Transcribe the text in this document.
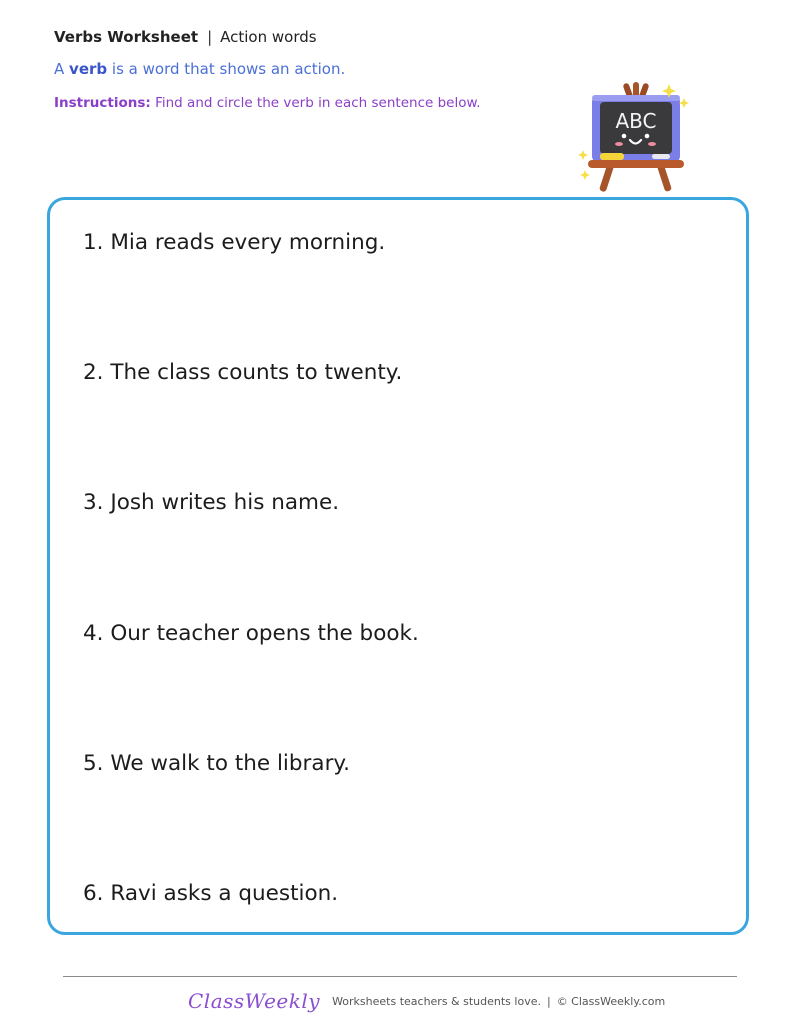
Verbs Worksheet | Action words
A verb is a word that shows an action.
Instructions: Find and circle the verb in each sentence below.
ABC
1. Mia reads every morning.
2. The class counts to twenty.
3. Josh writes his name.
4. Our teacher opens the book.
5. We walk to the library.
6. Ravi asks a question.
ClassWeekly Worksheets teachers & students love. | © ClassWeekly.com
